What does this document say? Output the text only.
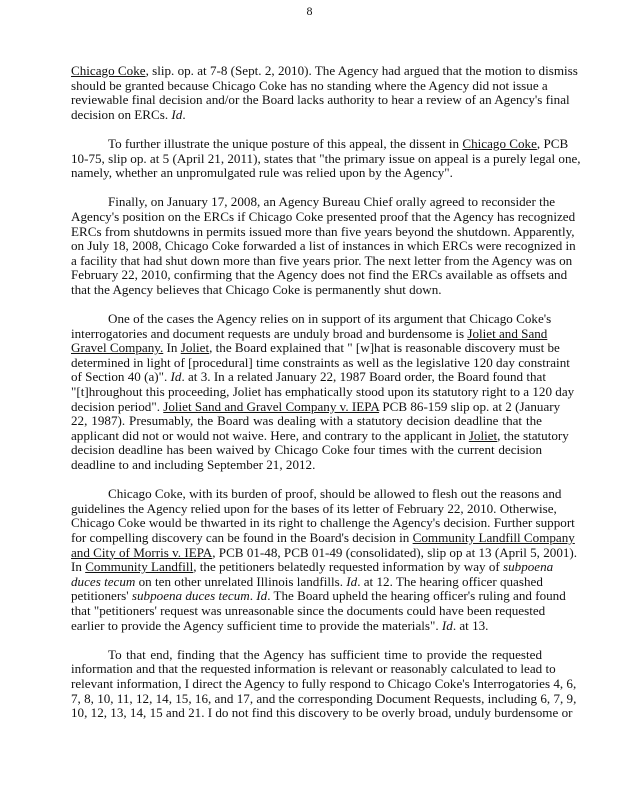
8
Chicago Coke, slip. op. at 7-8 (Sept. 2, 2010). The Agency had argued that the motion to dismiss
should be granted because Chicago Coke has no standing where the Agency did not issue a
reviewable final decision and/or the Board lacks authority to hear a review of an Agency's final
decision on ERCs. Id.
To further illustrate the unique posture of this appeal, the dissent in Chicago Coke, PCB
10-75, slip op. at 5 (April 21, 2011), states that "the primary issue on appeal is a purely legal one,
namely, whether an unpromulgated rule was relied upon by the Agency".
Finally, on January 17, 2008, an Agency Bureau Chief orally agreed to reconsider the
Agency's position on the ERCs if Chicago Coke presented proof that the Agency has recognized
ERCs from shutdowns in permits issued more than five years beyond the shutdown. Apparently,
on July 18, 2008, Chicago Coke forwarded a list of instances in which ERCs were recognized in
a facility that had shut down more than five years prior. The next letter from the Agency was on
February 22, 2010, confirming that the Agency does not find the ERCs available as offsets and
that the Agency believes that Chicago Coke is permanently shut down.
One of the cases the Agency relies on in support of its argument that Chicago Coke's
interrogatories and document requests are unduly broad and burdensome is Joliet and Sand
Gravel Company. In Joliet, the Board explained that " [w]hat is reasonable discovery must be
determined in light of [procedural] time constraints as well as the legislative 120 day constraint
of Section 40 (a)". Id. at 3. In a related January 22, 1987 Board order, the Board found that
"[t]hroughout this proceeding, Joliet has emphatically stood upon its statutory right to a 120 day
decision period". Joliet Sand and Gravel Company v. IEPA PCB 86-159 slip op. at 2 (January
22, 1987). Presumably, the Board was dealing with a statutory decision deadline that the
applicant did not or would not waive. Here, and contrary to the applicant in Joliet, the statutory
decision deadline has been waived by Chicago Coke four times with the current decision
deadline to and including September 21, 2012.
Chicago Coke, with its burden of proof, should be allowed to flesh out the reasons and
guidelines the Agency relied upon for the bases of its letter of February 22, 2010. Otherwise,
Chicago Coke would be thwarted in its right to challenge the Agency's decision. Further support
for compelling discovery can be found in the Board's decision in Community Landfill Company
and City of Morris v. IEPA, PCB 01-48, PCB 01-49 (consolidated), slip op at 13 (April 5, 2001).
In Community Landfill, the petitioners belatedly requested information by way of subpoena
duces tecum on ten other unrelated Illinois landfills. Id. at 12. The hearing officer quashed
petitioners' subpoena duces tecum. Id. The Board upheld the hearing officer's ruling and found
that "petitioners' request was unreasonable since the documents could have been requested
earlier to provide the Agency sufficient time to provide the materials". Id. at 13.
To that end, finding that the Agency has sufficient time to provide the requested
information and that the requested information is relevant or reasonably calculated to lead to
relevant information, I direct the Agency to fully respond to Chicago Coke's Interrogatories 4, 6,
7, 8, 10, 11, 12, 14, 15, 16, and 17, and the corresponding Document Requests, including 6, 7, 9,
10, 12, 13, 14, 15 and 21. I do not find this discovery to be overly broad, unduly burdensome or
